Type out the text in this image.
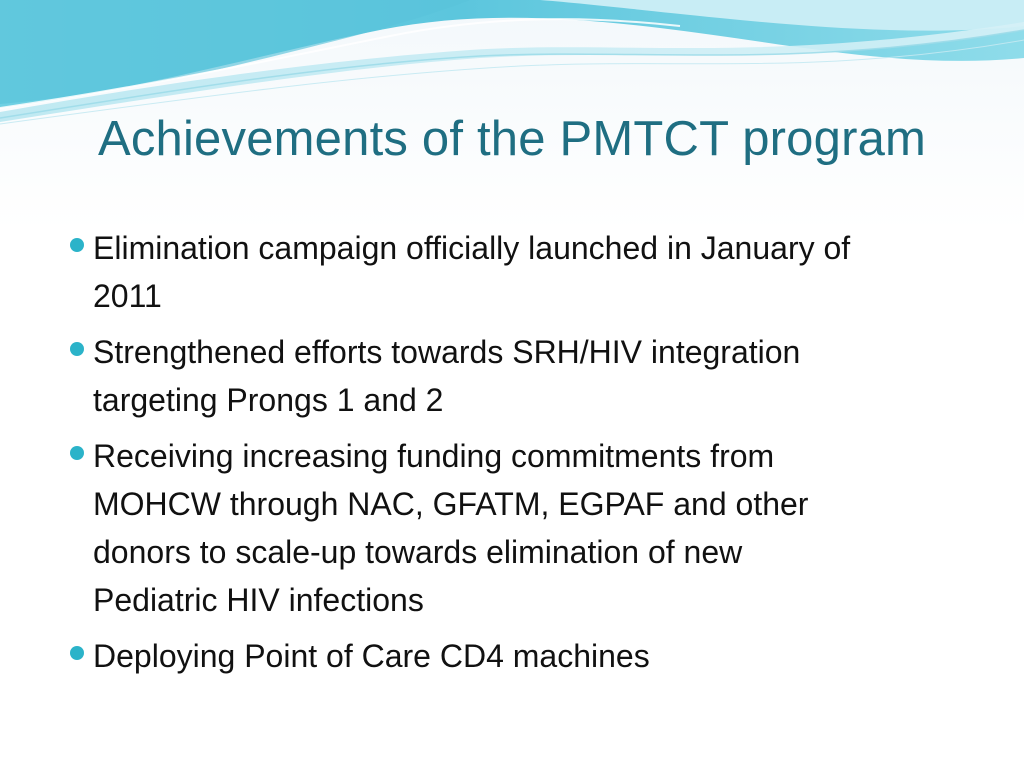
Achievements of the PMTCT program
Elimination campaign officially launched in January of
2011
Strengthened efforts towards SRH/HIV integration
targeting Prongs 1 and 2
Receiving increasing funding commitments from
MOHCW through NAC, GFATM, EGPAF and other
donors to scale-up towards elimination of new
Pediatric HIV infections
Deploying Point of Care CD4 machines
